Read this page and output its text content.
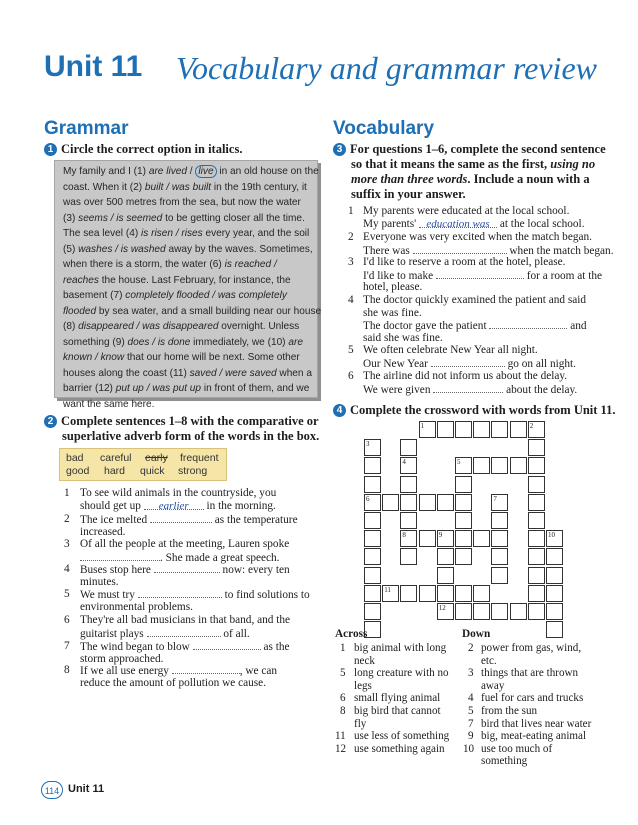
Unit 11 Vocabulary and grammar review
Grammar
1 Circle the correct option in italics.
My family and I (1) are lived / live in an old house on the
coast. When it (2) built / was built in the 19th century, it
was over 500 metres from the sea, but now the water
(3) seems / is seemed to be getting closer all the time.
The sea level (4) is risen / rises every year, and the soil
(5) washes / is washed away by the waves. Sometimes,
when there is a storm, the water (6) is reached /
reaches the house. Last February, for instance, the
basement (7) completely flooded / was completely
flooded by sea water, and a small building near our house
(8) disappeared / was disappeared overnight. Unless
something (9) does / is done immediately, we (10) are
known / know that our home will be next. Some other
houses along the coast (11) saved / were saved when a
barrier (12) put up / was put up in front of them, and we
want the same here.
2 Complete sentences 1–8 with the comparative or
superlative adverb form of the words in the box.
bad careful early frequent
good hard quick strong
1 To see wild animals in the countryside, you
should get up earlier in the morning.
2 The ice melted	as the temperature
increased.
3 Of all the people at the meeting, Lauren spoke
. She made a great speech.
4 Buses stop here	now: every ten
minutes.
5 We must try	to find solutions to
environmental problems.
6 They're all bad musicians in that band, and the
guitarist plays	of all.
7 The wind began to blow	as the
storm approached.
8 If we all use energy	, we can
reduce the amount of pollution we cause.
Vocabulary
3 For questions 1–6, complete the second sentence
so that it means the same as the first, using no
more than three words. Include a noun with a
suffix in your answer.
1 My parents were educated at the local school.
My parents' education was at the local school.
2 Everyone was very excited when the match began.
There was	when the match began.
3 I'd like to reserve a room at the hotel, please.
I'd like to make	for a room at the
hotel, please.
4 The doctor quickly examined the patient and said
she was fine.
The doctor gave the patient	and
said she was fine.
5 We often celebrate New Year all night.
Our New Year	go on all night.
6 The airline did not inform us about the delay.
We were given	about the delay.
4 Complete the crossword with words from Unit 11.
1	2
3
4	5
6	7
8	9	10
11
12
Across	Down
1 big animal with long
neck
5 long creature with no
legs
6 small flying animal
8 big bird that cannot
fly
11 use less of something
12 use something again
2 power from gas, wind,
etc.
3 things that are thrown
away
4 fuel for cars and trucks
5 from the sun
7 bird that lives near water
9 big, meat-eating animal
10 use too much of
something
114 Unit 11
